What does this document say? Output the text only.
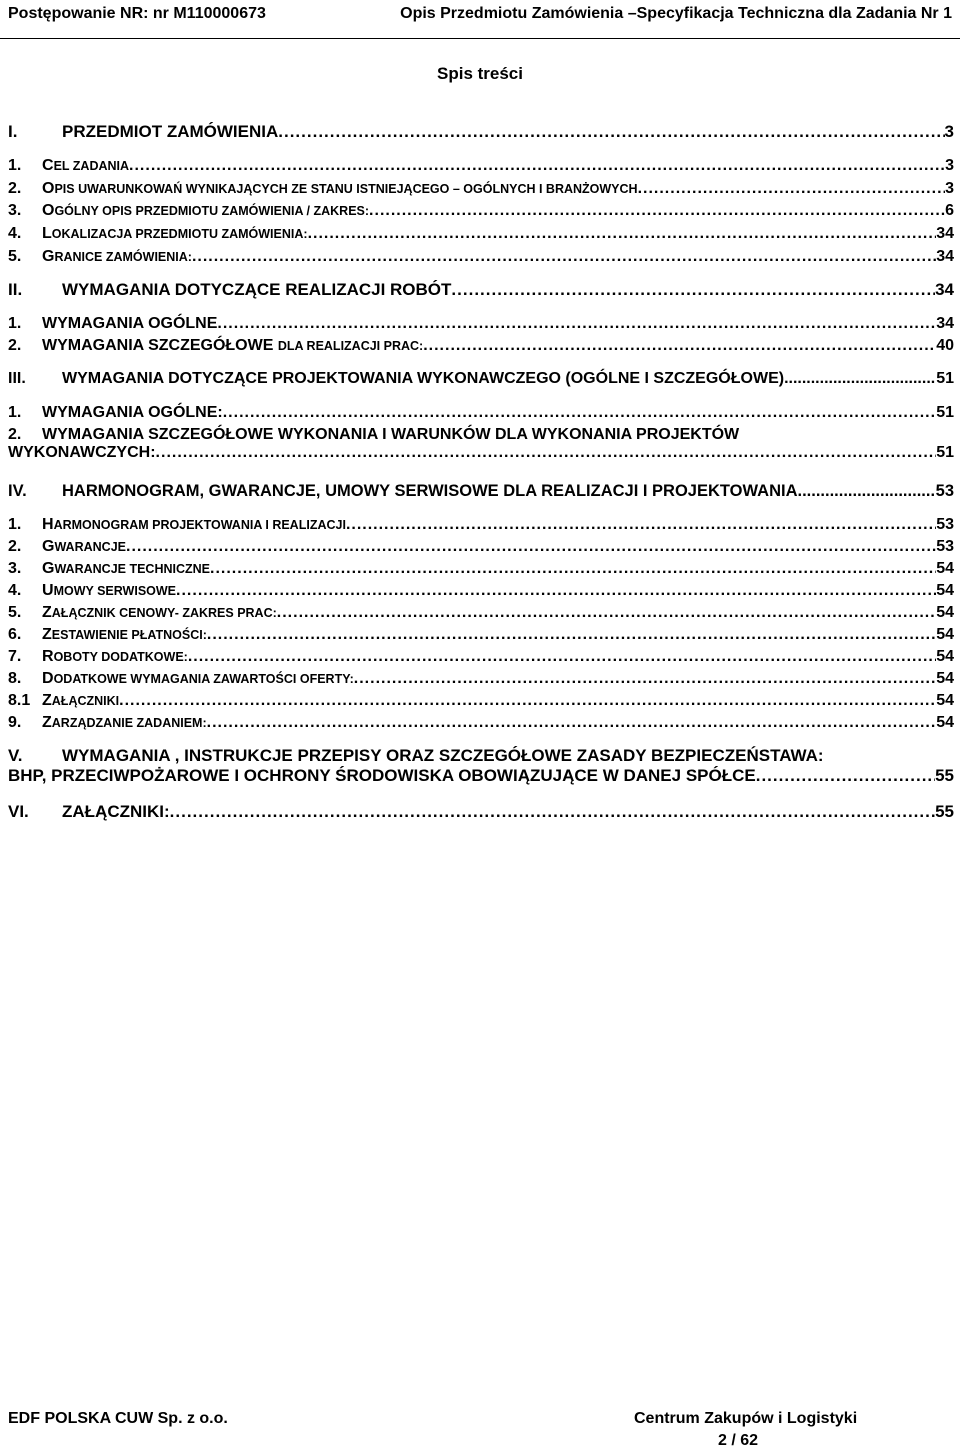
Postępowanie NR: nr M110000673	Opis Przedmiotu Zamówienia –Specyfikacja Techniczna dla Zadania Nr 1
Spis treści
I.	PRZEDMIOT ZAMÓWIENIA .....	3
1.	CEL ZADANIA .....	3
2.	OPIS UWARUNKOWAŃ WYNIKAJĄCYCH ZE STANU ISTNIEJĄCEGO – OGÓLNYCH I BRANŻOWYCH .....	3
3.	OGÓLNY OPIS PRZEDMIOTU ZAMÓWIENIA / ZAKRES: .....	6
4.	LOKALIZACJA PRZEDMIOTU ZAMÓWIENIA: .....	34
5.	GRANICE ZAMÓWIENIA: .....	34
II.	WYMAGANIA DOTYCZĄCE REALIZACJI ROBÓT .....	34
1.	WYMAGANIA OGÓLNE .....	34
2.	WYMAGANIA SZCZEGÓŁOWE DLA REALIZACJI PRAC: .....	40
III.	WYMAGANIA DOTYCZĄCE PROJEKTOWANIA WYKONAWCZEGO (OGÓLNE I SZCZEGÓŁOWE) .....	51
1.	WYMAGANIA OGÓLNE: .....	51
2. WYMAGANIA SZCZEGÓŁOWE WYKONANIA I WARUNKÓW DLA WYKONANIA PROJEKTÓW
WYKONAWCZYCH: .....	51
IV.	HARMONOGRAM, GWARANCJE, UMOWY SERWISOWE DLA REALIZACJI I PROJEKTOWANIA .....	53
1.	HARMONOGRAM PROJEKTOWANIA I REALIZACJI .....	53
2.	GWARANCJE .....	53
3.	GWARANCJE TECHNICZNE .....	54
4.	UMOWY SERWISOWE .....	54
5.	ZAŁĄCZNIK CENOWY- ZAKRES PRAC: .....	54
6.	ZESTAWIENIE PŁATNOŚCI: .....	54
7.	ROBOTY DODATKOWE: .....	54
8.	DODATKOWE WYMAGANIA ZAWARTOŚCI OFERTY: .....	54
8.1 ZAŁĄCZNIKI .....	54
9.	ZARZĄDZANIE ZADANIEM: .....	54
V. WYMAGANIA , INSTRUKCJE PRZEPISY ORAZ SZCZEGÓŁOWE ZASADY BEZPIECZEŃSTAWA:
BHP, PRZECIWPOŻAROWE I OCHRONY ŚRODOWISKA OBOWIĄZUJĄCE W DANEJ SPÓŁCE .....	55
VI.	ZAŁĄCZNIKI: .....	55
EDF POLSKA CUW Sp. z o.o.	Centrum Zakupów i Logistyki
2 / 62
